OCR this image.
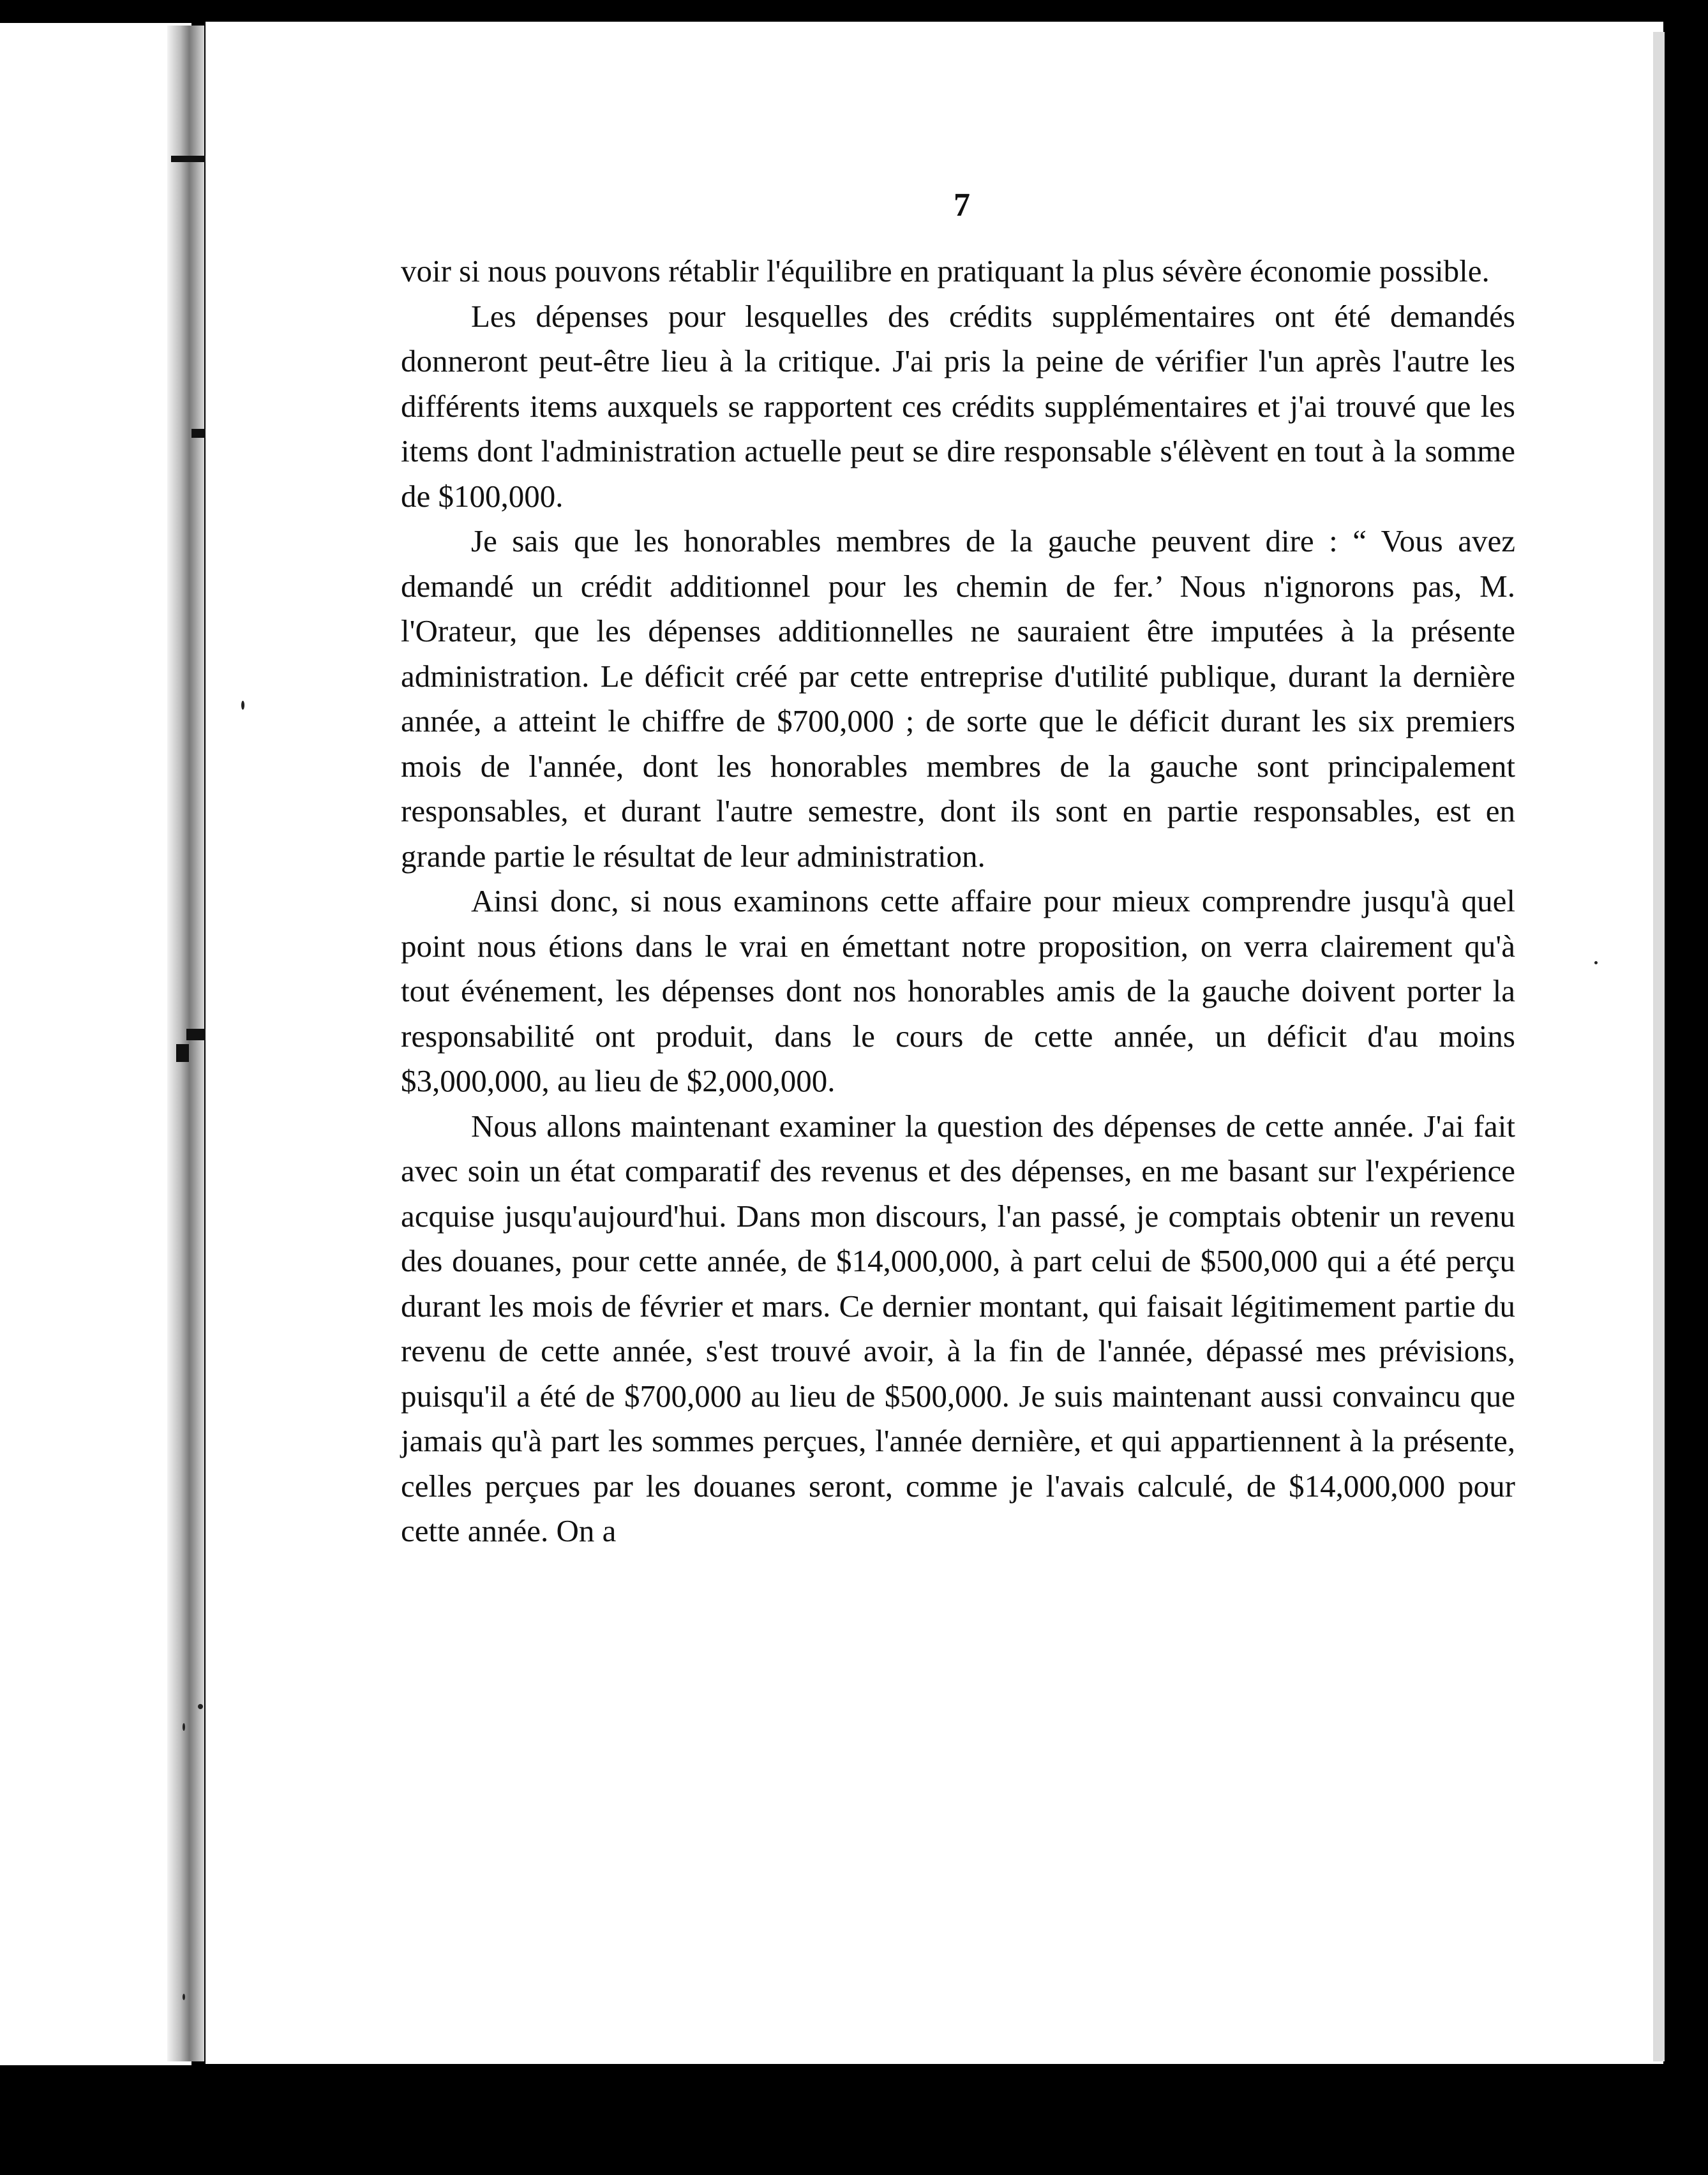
7

voir si nous pouvons rétablir l'équilibre en pratiquant la plus sévère économie possible.

Les dépenses pour lesquelles des crédits supplémentaires ont été demandés donneront peut-être lieu à la critique. J'ai pris la peine de vérifier l'un après l'autre les différents items auxquels se rapportent ces crédits supplémentaires et j'ai trouvé que les items dont l'administration actuelle peut se dire responsable s'élèvent en tout à la somme de $100,000.

Je sais que les honorables membres de la gauche peuvent dire : “ Vous avez demandé un crédit additionnel pour les chemin de fer.’ Nous n'ignorons pas, M. l'Orateur, que les dépenses additionnelles ne sauraient être imputées à la présente administration. Le déficit créé par cette entreprise d'utilité publique, durant la dernière année, a atteint le chiffre de $700,000 ; de sorte que le déficit durant les six premiers mois de l'année, dont les honorables membres de la gauche sont principalement responsables, et durant l'autre semestre, dont ils sont en partie responsables, est en grande partie le résultat de leur administration.

Ainsi donc, si nous examinons cette affaire pour mieux comprendre jusqu'à quel point nous étions dans le vrai en émettant notre proposition, on verra clairement qu'à tout événement, les dépenses dont nos honorables amis de la gauche doivent porter la responsabilité ont produit, dans le cours de cette année, un déficit d'au moins $3,000,000, au lieu de $2,000,000.

Nous allons maintenant examiner la question des dépenses de cette année. J'ai fait avec soin un état comparatif des revenus et des dépenses, en me basant sur l'expérience acquise jusqu'aujourd'hui. Dans mon discours, l'an passé, je comptais obtenir un revenu des douanes, pour cette année, de $14,000,000, à part celui de $500,000 qui a été perçu durant les mois de février et mars. Ce dernier montant, qui faisait légitimement partie du revenu de cette année, s'est trouvé avoir, à la fin de l'année, dépassé mes prévisions, puisqu'il a été de $700,000 au lieu de $500,000. Je suis maintenant aussi convaincu que jamais qu'à part les sommes perçues, l'année dernière, et qui appartiennent à la présente, celles perçues par les douanes seront, comme je l'avais calculé, de $14,000,000 pour cette année. On a
